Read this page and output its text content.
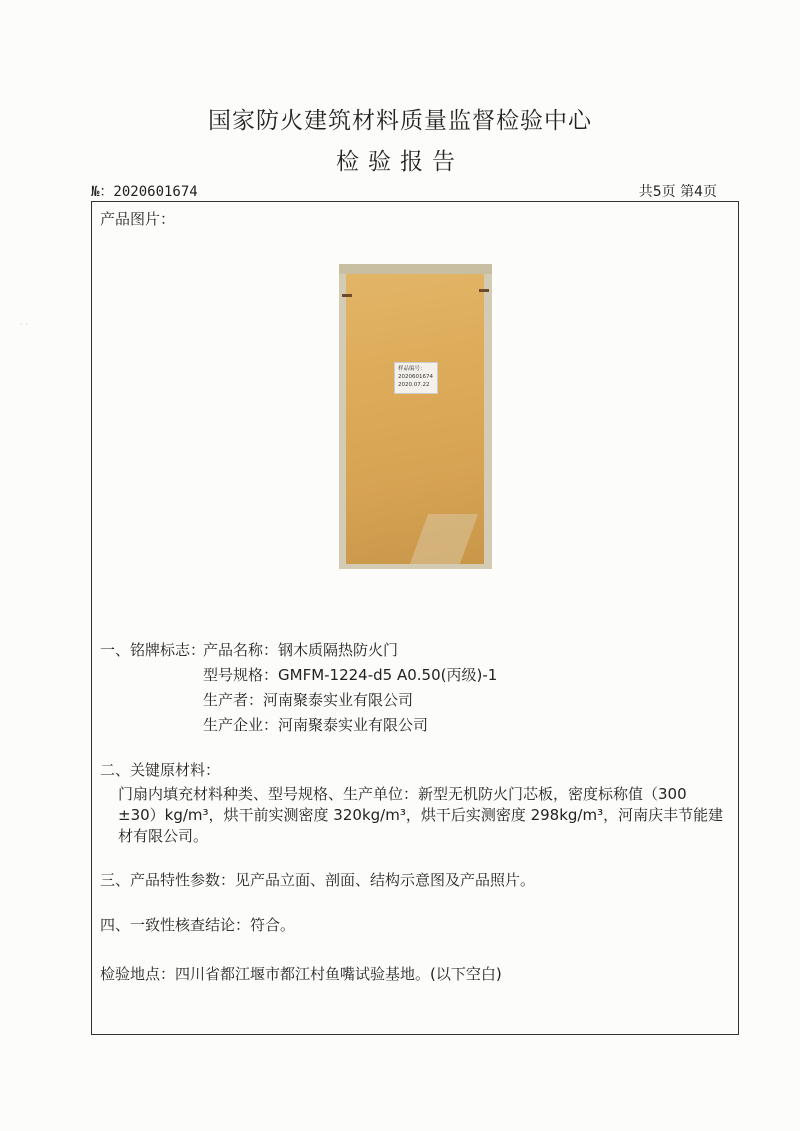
国家防火建筑材料质量监督检验中心
检验报告
№：2020601674	共5页 第4页
产品图片：
一、铭牌标志：
产品名称：钢木质隔热防火门
型号规格：GMFM-1224-d5 A0.50(丙级)-1
生产者：河南聚泰实业有限公司
生产企业：河南聚泰实业有限公司
二、关键原材料：
门扇内填充材料种类、型号规格、生产单位：新型无机防火门芯板，密度标称值（300
±30）kg/m³，烘干前实测密度 320kg/m³，烘干后实测密度 298kg/m³，河南庆丰节能建
材有限公司。
三、产品特性参数：见产品立面、剖面、结构示意图及产品照片。
四、一致性核查结论：符合。
检验地点：四川省都江堰市都江村鱼嘴试验基地。(以下空白)
样品编号：
2020601674
2020.07.22
· ·
